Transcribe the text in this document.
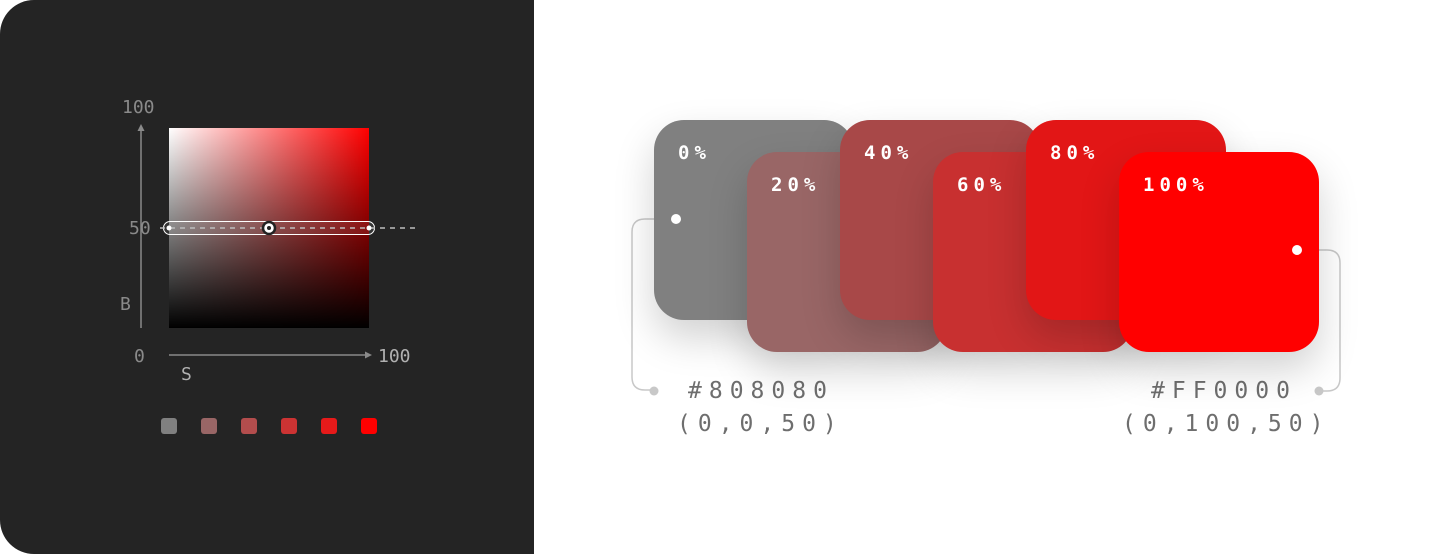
100
50
B
0	100
S
0%
20%
40%
60%
80%
100%
#808080
(0,0,50)
#FF0000
(0,100,50)
